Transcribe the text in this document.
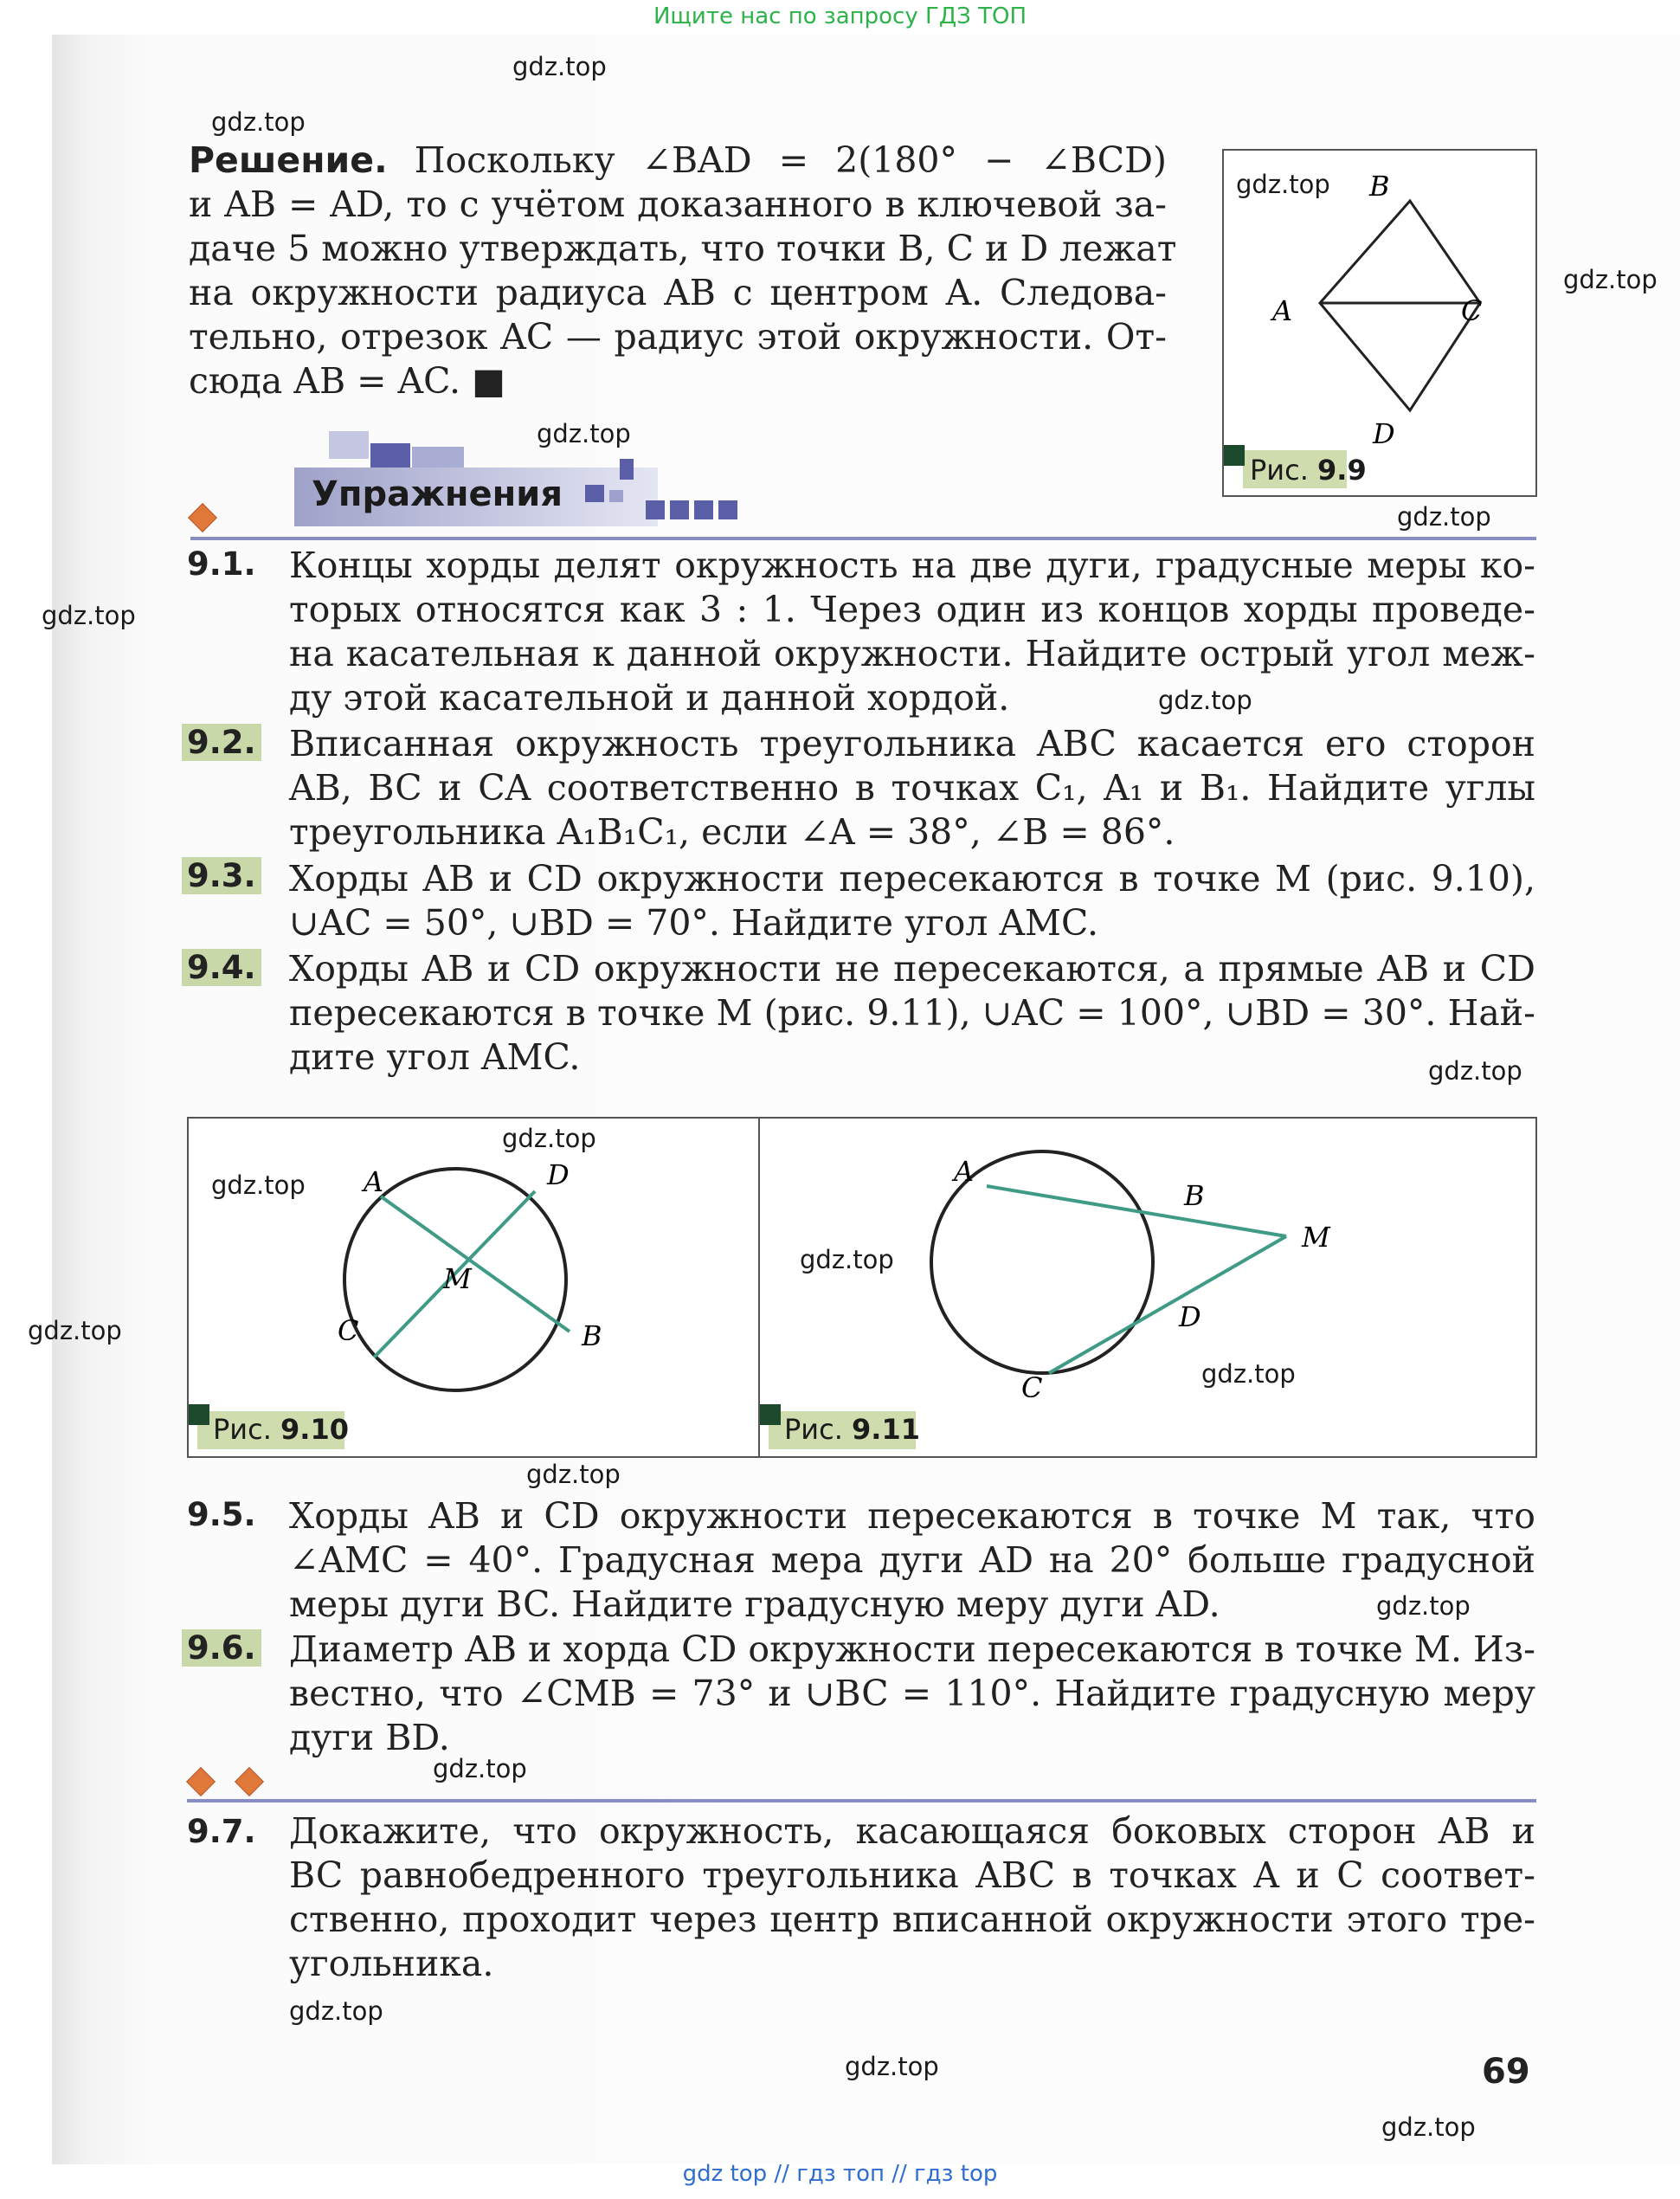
Ищите нас по запросу ГДЗ ТОП
Решение. Поскольку ∠BAD = 2(180° − ∠BCD)
и AB = AD, то с учётом доказанного в ключевой за-
даче 5 можно утверждать, что точки B, C и D лежат
на окружности радиуса AB с центром A. Следова-
тельно, отрезок AC — радиус этой окружности. От-
сюда AB = AC. ■
B
A	C
D
Рис. 9.9
Упражнения
9.1. Концы хорды делят окружность на две дуги, градусные меры ко-
торых относятся как 3 : 1. Через один из концов хорды проведе-
на касательная к данной окружности. Найдите острый угол меж-
ду этой касательной и данной хордой.
9.2. Вписанная окружность треугольника ABC касается его сторон
AB, BC и CA соответственно в точках C₁, A₁ и B₁. Найдите углы
треугольника A₁B₁C₁, если ∠A = 38°, ∠B = 86°.
9.3. Хорды AB и CD окружности пересекаются в точке M (рис. 9.10),
∪AC = 50°, ∪BD = 70°. Найдите угол AMC.
9.4. Хорды AB и CD окружности не пересекаются, а прямые AB и CD
пересекаются в точке M (рис. 9.11), ∪AC = 100°, ∪BD = 30°. Най-
дите угол AMC.
A	D
M
C	B
Рис. 9.10
A
B
M
D
C
Рис. 9.11
9.5. Хорды AB и CD окружности пересекаются в точке M так, что
∠AMC = 40°. Градусная мера дуги AD на 20° больше градусной
меры дуги BC. Найдите градусную меру дуги AD.
9.6. Диаметр AB и хорда CD окружности пересекаются в точке M. Из-
вестно, что ∠CMB = 73° и ∪BC = 110°. Найдите градусную меру
дуги BD.
9.7. Докажите, что окружность, касающаяся боковых сторон AB и
BC равнобедренного треугольника ABC в точках A и C соответ-
ственно, проходит через центр вписанной окружности этого тре-
угольника.
69
gdz.top
gdz.top
gdz.top
gdz.top
gdz.top
gdz.top
gdz.top
gdz.top
gdz.top
gdz.top
gdz.top
gdz.top
gdz.top
gdz.top
gdz.top
gdz.top
gdz.top
gdz.top
gdz.top
gdz.top
gdz top // гдз топ // гдз top
